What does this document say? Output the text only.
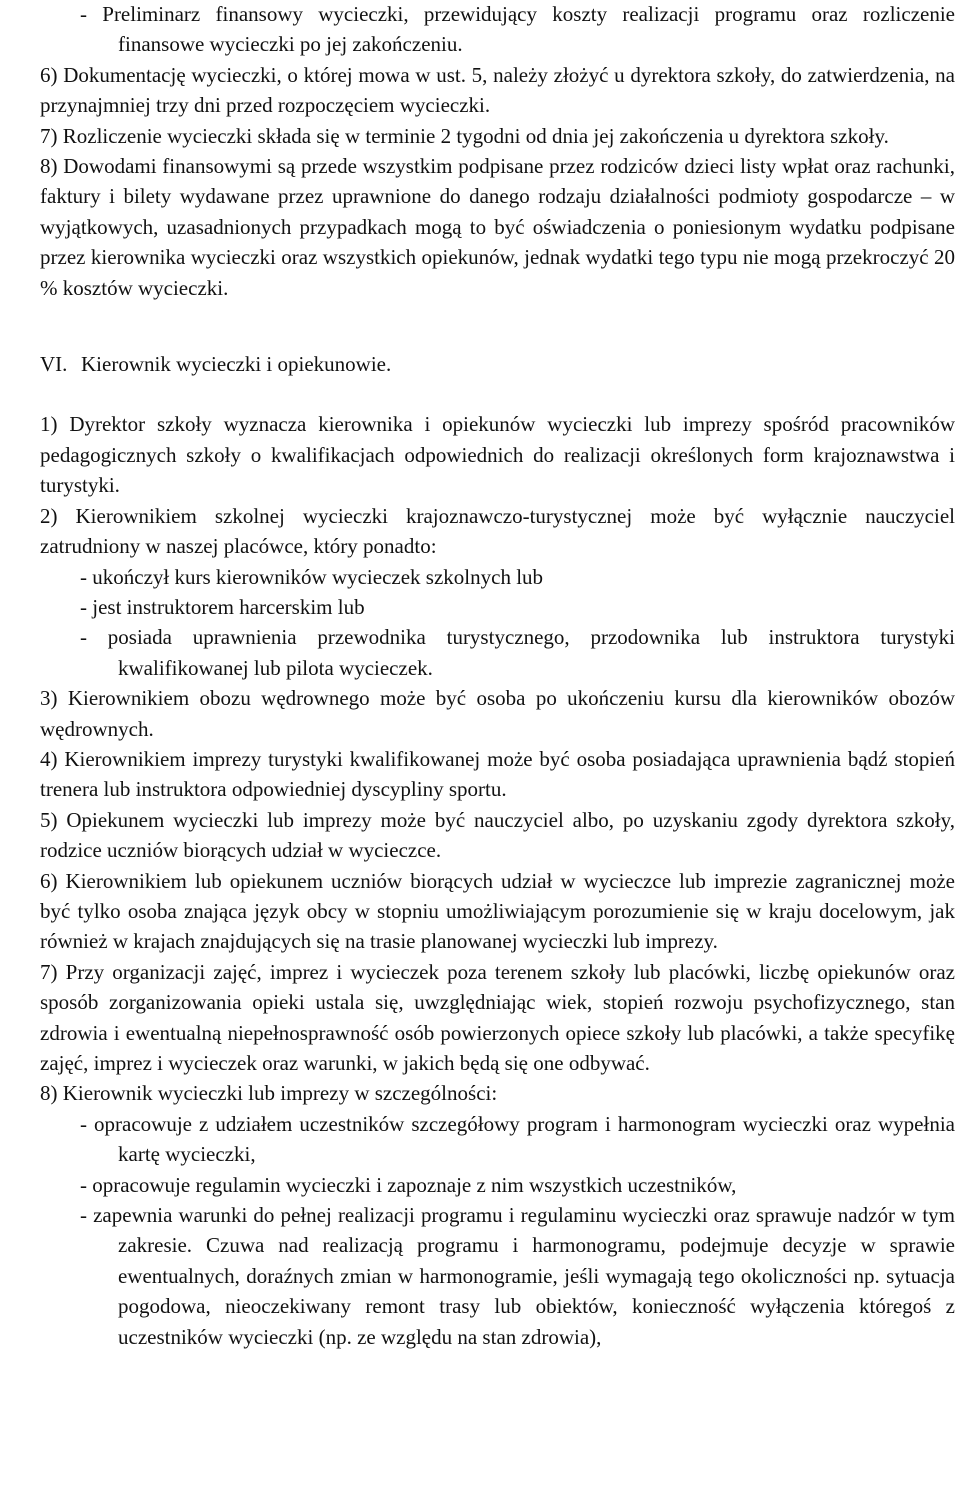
- Preliminarz finansowy wycieczki, przewidujący koszty realizacji programu oraz rozliczenie finansowe wycieczki po jej zakończeniu.

6) Dokumentację wycieczki, o której mowa w ust. 5, należy złożyć u dyrektora szkoły, do zatwierdzenia, na przynajmniej trzy dni przed rozpoczęciem wycieczki.

7) Rozliczenie wycieczki składa się w terminie 2 tygodni od dnia jej zakończenia u dyrektora szkoły.

8) Dowodami finansowymi są przede wszystkim podpisane przez rodziców dzieci listy wpłat oraz rachunki, faktury i bilety wydawane przez uprawnione do danego rodzaju działalności podmioty gospodarcze – w wyjątkowych, uzasadnionych przypadkach mogą to być oświadczenia o poniesionym wydatku podpisane przez kierownika wycieczki oraz wszystkich opiekunów, jednak wydatki tego typu nie mogą przekroczyć 20 % kosztów wycieczki.

VI. Kierownik wycieczki i opiekunowie.

1) Dyrektor szkoły wyznacza kierownika i opiekunów wycieczki lub imprezy spośród pracowników pedagogicznych szkoły o kwalifikacjach odpowiednich do realizacji określonych form krajoznawstwa i turystyki.

2) Kierownikiem szkolnej wycieczki krajoznawczo-turystycznej może być wyłącznie nauczyciel zatrudniony w naszej placówce, który ponadto:

- ukończył kurs kierowników wycieczek szkolnych lub

- jest instruktorem harcerskim lub

- posiada uprawnienia przewodnika turystycznego, przodownika lub instruktora turystyki kwalifikowanej lub pilota wycieczek.

3) Kierownikiem obozu wędrownego może być osoba po ukończeniu kursu dla kierowników obozów wędrownych.

4) Kierownikiem imprezy turystyki kwalifikowanej może być osoba posiadająca uprawnienia bądź stopień trenera lub instruktora odpowiedniej dyscypliny sportu.

5) Opiekunem wycieczki lub imprezy może być nauczyciel albo, po uzyskaniu zgody dyrektora szkoły, rodzice uczniów biorących udział w wycieczce.

6) Kierownikiem lub opiekunem uczniów biorących udział w wycieczce lub imprezie zagranicznej może być tylko osoba znająca język obcy w stopniu umożliwiającym porozumienie się w kraju docelowym, jak również w krajach znajdujących się na trasie planowanej wycieczki lub imprezy.

7) Przy organizacji zajęć, imprez i wycieczek poza terenem szkoły lub placówki, liczbę opiekunów oraz sposób zorganizowania opieki ustala się, uwzględniając wiek, stopień rozwoju psychofizycznego, stan zdrowia i ewentualną niepełnosprawność osób powierzonych opiece szkoły lub placówki, a także specyfikę zajęć, imprez i wycieczek oraz warunki, w jakich będą się one odbywać.

8) Kierownik wycieczki lub imprezy w szczególności:

- opracowuje z udziałem uczestników szczegółowy program i harmonogram wycieczki oraz wypełnia kartę wycieczki,

- opracowuje regulamin wycieczki i zapoznaje z nim wszystkich uczestników,

- zapewnia warunki do pełnej realizacji programu i regulaminu wycieczki oraz sprawuje nadzór w tym zakresie. Czuwa nad realizacją programu i harmonogramu, podejmuje decyzje w sprawie ewentualnych, doraźnych zmian w harmonogramie, jeśli wymagają tego okoliczności np. sytuacja pogodowa, nieoczekiwany remont trasy lub obiektów, konieczność wyłączenia któregoś z uczestników wycieczki (np. ze względu na stan zdrowia),
